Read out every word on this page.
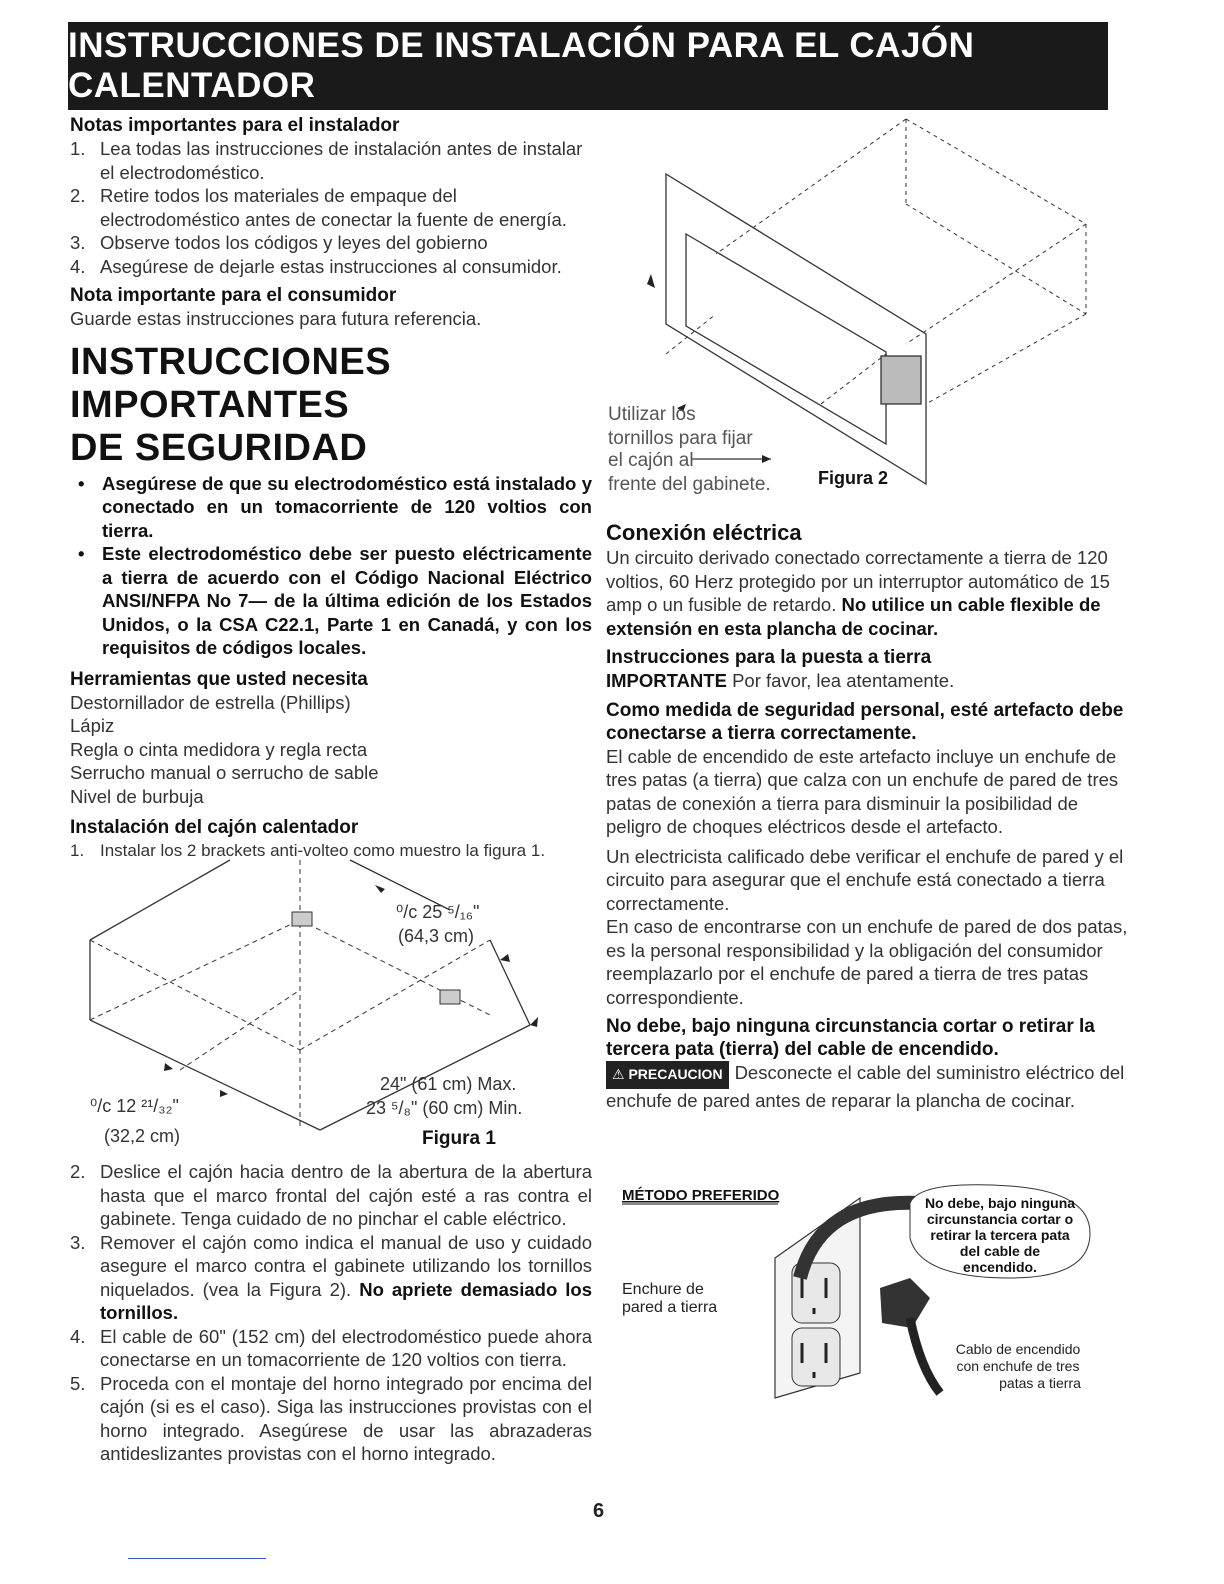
INSTRUCCIONES DE INSTALACIÓN PARA EL CAJÓN CALENTADOR
Notas importantes para el instalador
1. Lea todas las instrucciones de instalación antes de instalar el electrodoméstico.
2. Retire todos los materiales de empaque del electrodoméstico antes de conectar la fuente de energía.
3. Observe todos los códigos y leyes del gobierno
4. Asegúrese de dejarle estas instrucciones al consumidor.
Nota importante para el consumidor

Guarde estas instrucciones para futura referencia.

INSTRUCCIONES IMPORTANTES
DE SEGURIDAD
• Asegúrese de que su electrodoméstico está instalado y conectado en un tomacorriente de 120 voltios con tierra.
• Este electrodoméstico debe ser puesto eléctricamente a tierra de acuerdo con el Código Nacional Eléctrico ANSI/NFPA No 7— de la última edición de los Estados Unidos, o la CSA C22.1, Parte 1 en Canadá, y con los requisitos de códigos locales.
Herramientas que usted necesita

Destornillador de estrella (Phillips)

Lápiz

Regla o cinta medidora y regla recta

Serrucho manual o serrucho de sable

Nivel de burbuja

Instalación del cajón calentador
1. Instalar los 2 brackets anti-volteo como muestro la figura 1.
⁰/c 25 ⁵/₁₆"
(64,3 cm)
24" (61 cm) Max.
23 ⁵/₈" (60 cm) Min.
⁰/c 12 ²¹/₃₂"
(32,2 cm)	Figura 1
2. Deslice el cajón hacia dentro de la abertura de la abertura hasta que el marco frontal del cajón esté a ras contra el gabinete. Tenga cuidado de no pinchar el cable eléctrico.
3. Remover el cajón como indica el manual de uso y cuidado asegure el marco contra el gabinete utilizando los tornillos niquelados. (vea la Figura 2). No apriete demasiado los tornillos.
4. El cable de 60" (152 cm) del electrodoméstico puede ahora conectarse en un tomacorriente de 120 voltios con tierra.
5. Proceda con el montaje del horno integrado por encima del cajón (si es el caso). Siga las instrucciones provistas con el horno integrado. Asegúrese de usar las abrazaderas antideslizantes provistas con el horno integrado.
Utilizar los
tornillos para fijar
el cajón al
frente del gabinete.	Figura 2
Conexión eléctrica

Un circuito derivado conectado correctamente a tierra de 120 voltios, 60 Herz protegido por un interruptor automático de 15 amp o un fusible de retardo. No utilice un cable flexible de extensión en esta plancha de cocinar.

Instrucciones para la puesta a tierra

IMPORTANTE Por favor, lea atentamente.

Como medida de seguridad personal, esté artefacto debe conectarse a tierra correctamente.

El cable de encendido de este artefacto incluye un enchufe de tres patas (a tierra) que calza con un enchufe de pared de tres patas de conexión a tierra para disminuir la posibilidad de peligro de choques eléctricos desde el artefacto.

Un electricista calificado debe verificar el enchufe de pared y el circuito para asegurar que el enchufe está conectado a tierra correctamente.

En caso de encontrarse con un enchufe de pared de dos patas, es la personal responsibilidad y la obligación del consumidor reemplazarlo por el enchufe de pared a tierra de tres patas correspondiente.

No debe, bajo ninguna circunstancia cortar o retirar la tercera pata (tierra) del cable de encendido.

⚠ PRECAUCION Desconecte el cable del suministro eléctrico del enchufe de pared antes de reparar la plancha de cocinar.

MÉTODO PREFERIDO
Enchure de
pared a tierra
No debe, bajo ninguna
circunstancia cortar o
retirar la tercera pata
del cable de
encendido.
Cablo de encendido
con enchufe de tres
patas a tierra
6
